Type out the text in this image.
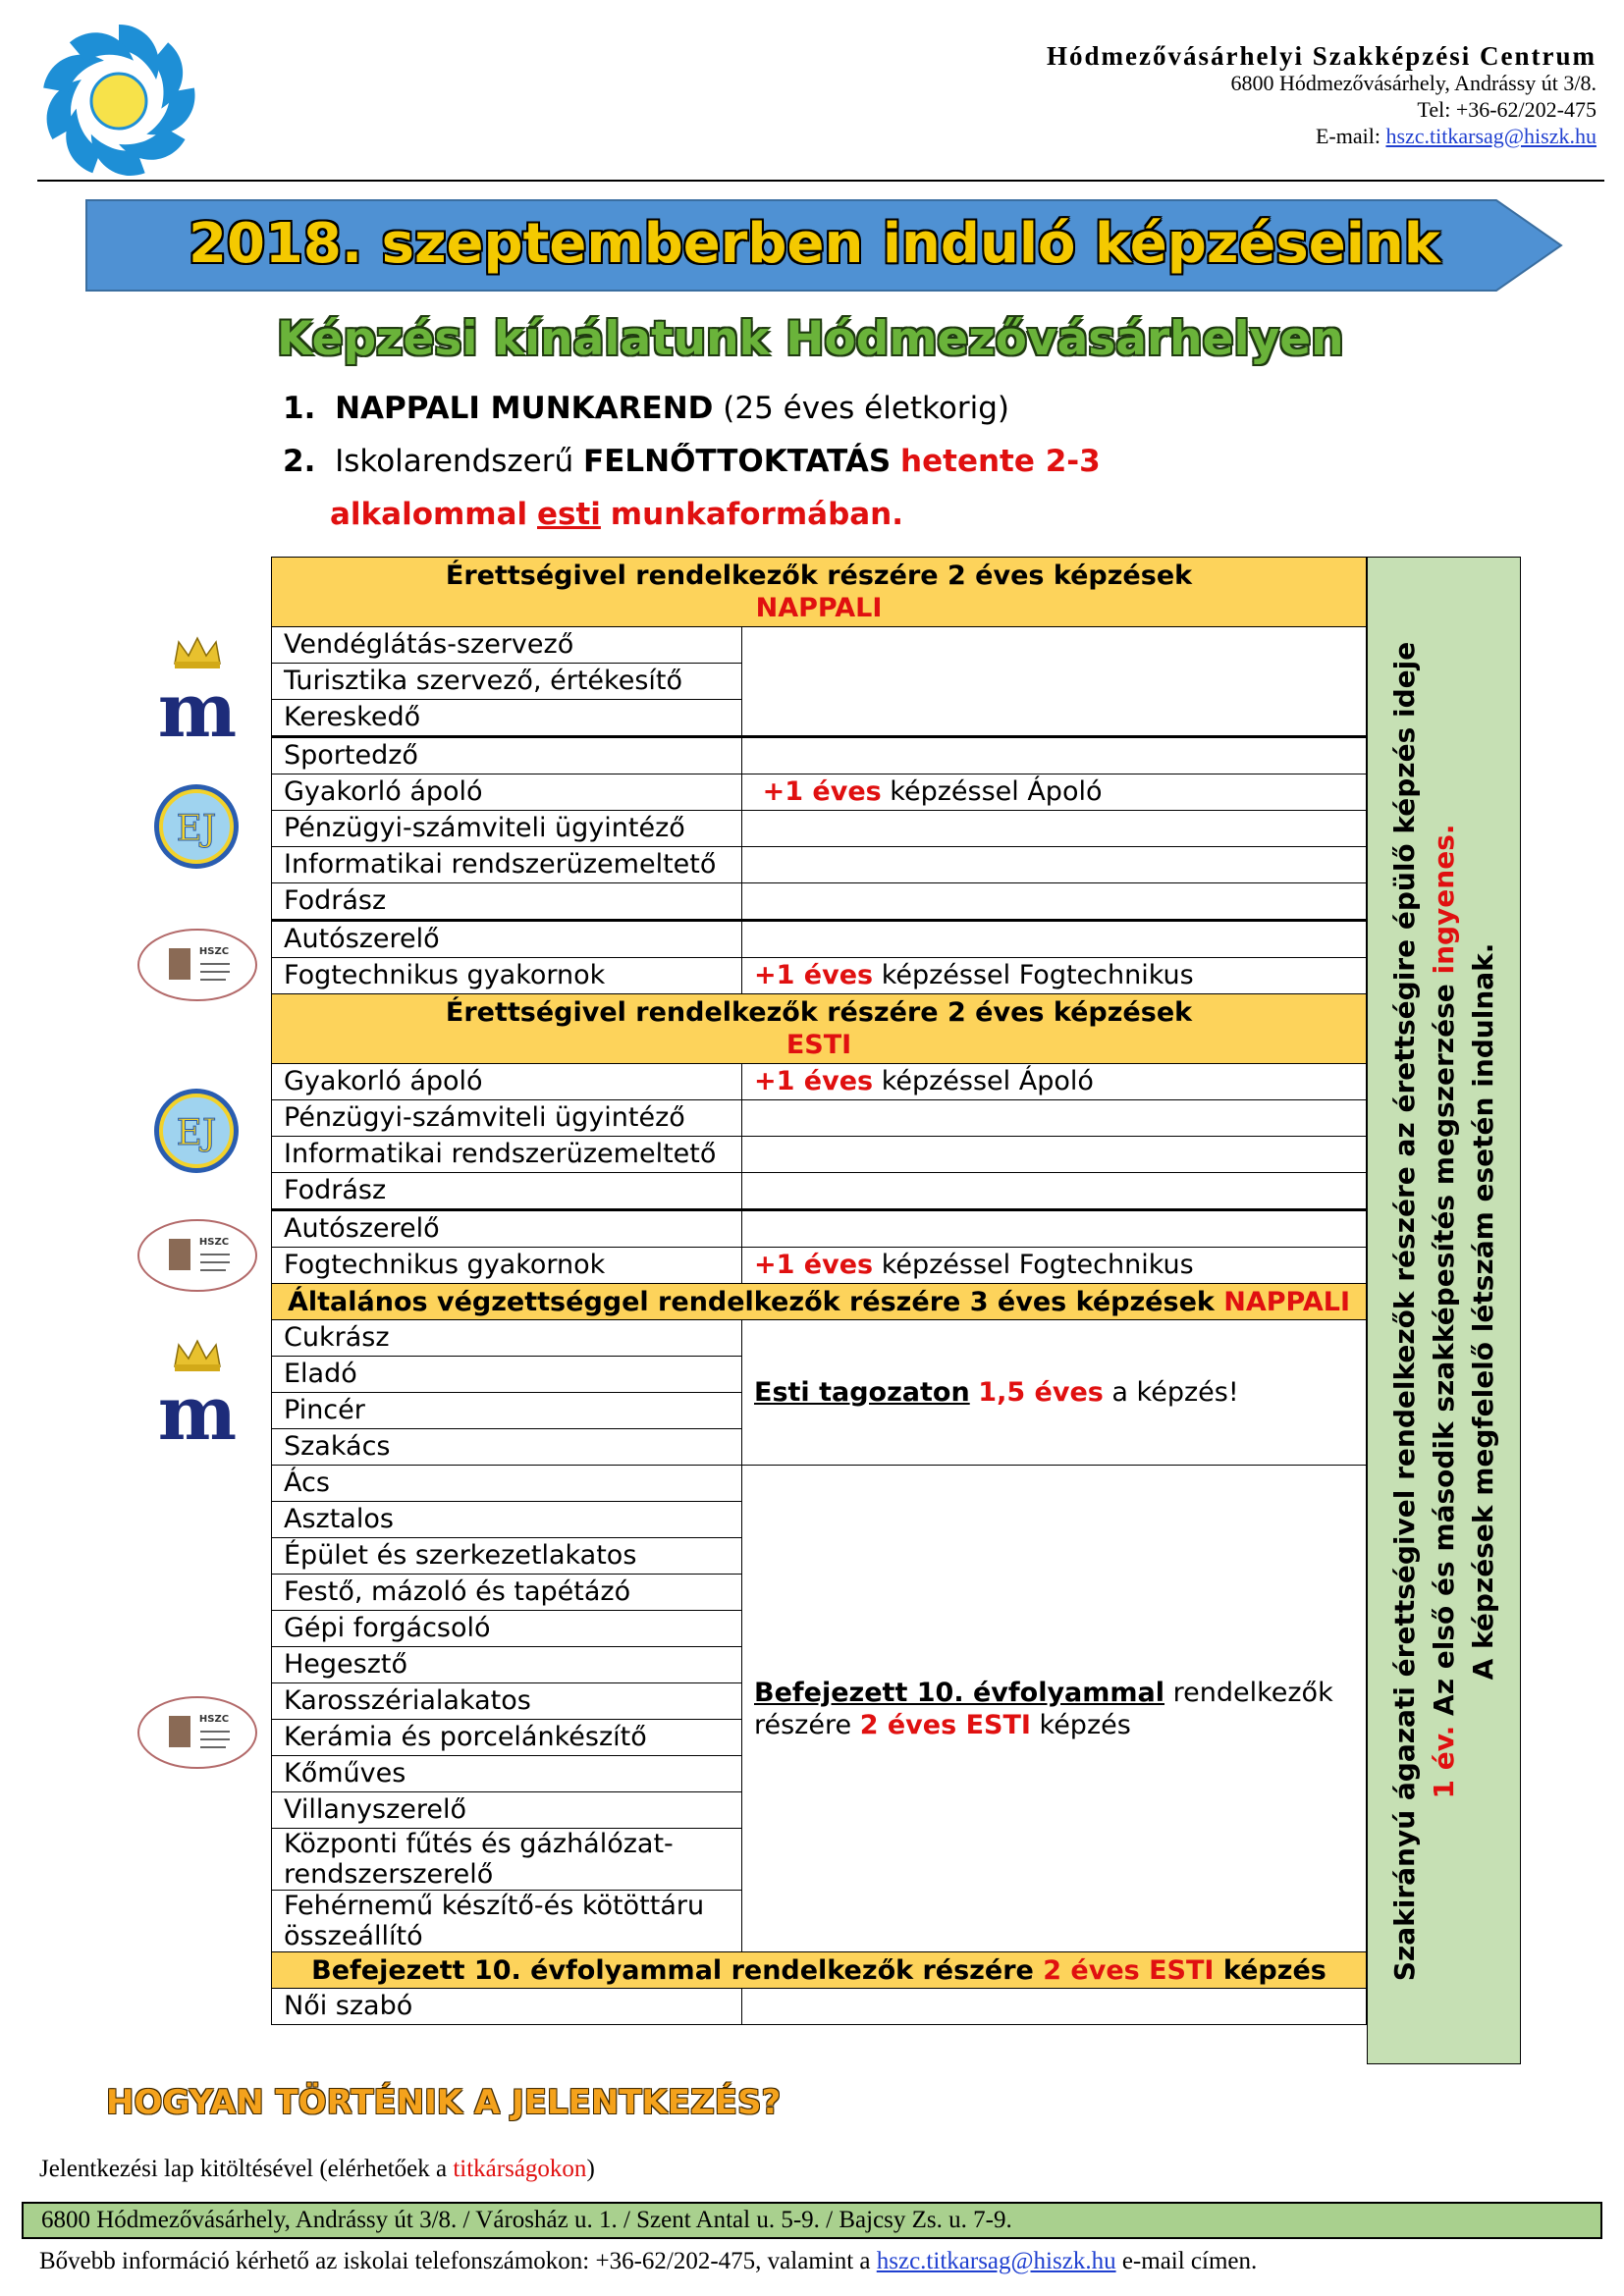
Hódmezővásárhelyi Szakképzési Centrum
6800 Hódmezővásárhely, Andrássy út 3/8.
Tel: +36-62/202-475
E-mail: hszc.titkarsag@hiszk.hu
2018. szeptemberben induló képzéseink
Képzési kínálatunk Hódmezővásárhelyen
1. NAPPALI MUNKAREND (25 éves életkorig)
2. Iskolarendszerű FELNŐTTOKTATÁS hetente 2-3
alkalommal esti munkaformában.
m
EJ
HSZC
EJ
HSZC
m
HSZC
Érettségivel rendelkezők részére 2 éves képzések
NAPPALI	
Vendéglátás-szervező	
Turisztika szervező, értékesítő	
Kereskedő	
Sportedző	
Gyakorló ápoló	+1 éves képzéssel Ápoló
Pénzügyi-számviteli ügyintéző	
Informatikai rendszerüzemeltető	
Fodrász	
Autószerelő	
Fogtechnikus gyakornok	+1 éves képzéssel Fogtechnikus
Érettségivel rendelkezők részére 2 éves képzések
ESTI	
Gyakorló ápoló	+1 éves képzéssel Ápoló
Pénzügyi-számviteli ügyintéző	
Informatikai rendszerüzemeltető	
Fodrász	
Autószerelő	
Fogtechnikus gyakornok	+1 éves képzéssel Fogtechnikus
Általános végzettséggel rendelkezők részére 3 éves képzések NAPPALI	
Cukrász	Esti tagozaton 1,5 éves a képzés!
Eladó	
Pincér	
Szakács	
Ács	Befejezett 10. évfolyammal rendelkezők
részére 2 éves ESTI képzés
Asztalos	
Épület és szerkezetlakatos	
Festő, mázoló és tapétázó	
Gépi forgácsoló	
Hegesztő	
Karosszérialakatos	
Kerámia és porcelánkészítő	
Kőműves	
Villanyszerelő	
Központi fűtés és gázhálózat-rendszerszerelő	
Fehérnemű készítő-és kötöttáru összeállító	
Befejezett 10. évfolyammal rendelkezők részére 2 éves ESTI képzés	
Női szabó	
Szakirányú ágazati érettségivel rendelkezők részére az érettségire épülő képzés ideje 1 év. Az első és második szakképesítés megszerzése ingyenes.
A képzések megfelelő létszám esetén indulnak.
HOGYAN TÖRTÉNIK A JELENTKEZÉS?
Jelentkezési lap kitöltésével (elérhetőek a titkárságokon)
6800 Hódmezővásárhely, Andrássy út 3/8. / Városház u. 1. / Szent Antal u. 5-9. / Bajcsy Zs. u. 7-9.
Bővebb információ kérhető az iskolai telefonszámokon: +36-62/202-475, valamint a hszc.titkarsag@hiszk.hu e-mail címen.
